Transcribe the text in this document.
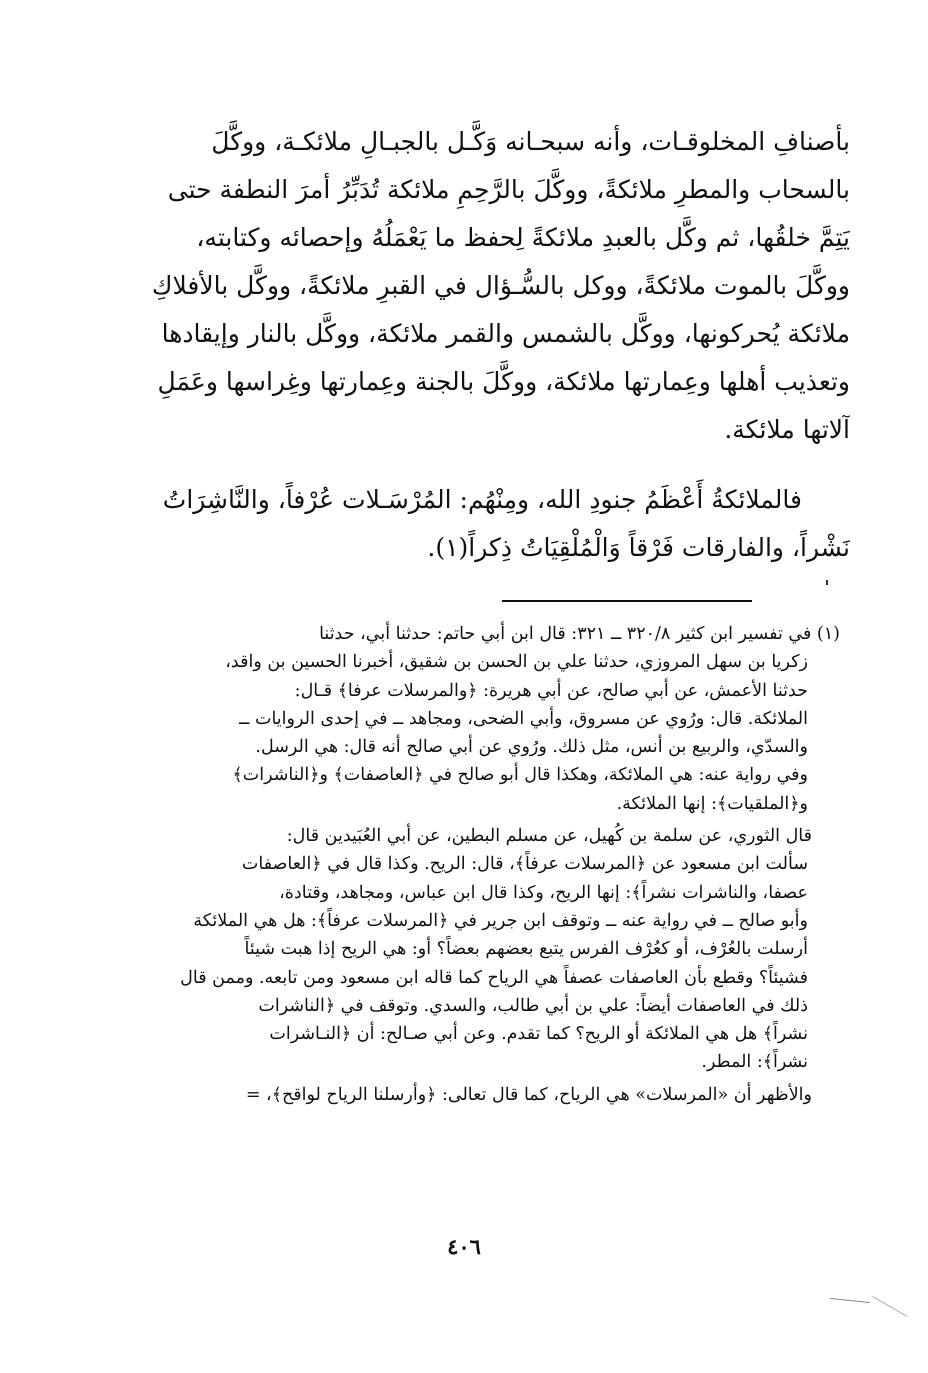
بأصنافِ المخلوقـات، وأنه سبحـانه وَكَّـل بالجبـالِ ملائكـة، ووكَّلَ
بالسحاب والمطرِ ملائكةً، ووكَّلَ بالرَّحِمِ ملائكة تُدَبِّرُ أمرَ النطفة حتى
يَتِمَّ خلقُها، ثم وكَّل بالعبدِ ملائكةً لِحفظ ما يَعْمَلُهُ وإحصائه وكتابته،
ووكَّلَ بالموت ملائكةً، ووكل بالسُّـؤال في القبرِ ملائكةً، ووكَّل بالأفلاكِ
ملائكة يُحركونها، ووكَّل بالشمس والقمر ملائكة، ووكَّل بالنار وإيقادها
وتعذيب أهلها وعِمارتها ملائكة، ووكَّلَ بالجنة وعِمارتها وغِراسها وعَمَلِ
آلاتها ملائكة.
فالملائكةُ أَعْظَمُ جنودِ الله، ومِنْهُم: المُرْسَـلات عُرْفاً، والنَّاشِرَاتُ
نَشْراً، والفارقات فَرْقاً وَالْمُلْقِيَاتُ ذِكراً(١).
(١) في تفسير ابن كثير ٣٢٠/٨ ــ ٣٢١: قال ابن أبي حاتم: حدثنا أبي، حدثنا
زكريا بن سهل المروزي، حدثنا علي بن الحسن بن شقيق، أخبرنا الحسين بن واقد،
حدثنا الأعمش، عن أبي صالح، عن أبي هريرة: ﴿والمرسلات عرفا﴾ قـال:
الملائكة. قال: ورُوي عن مسروق، وأبي الضحى، ومجاهد ــ في إحدى الروايات ــ
والسدّي، والربيع بن أنس، مثل ذلك. ورُوي عن أبي صالح أنه قال: هي الرسل.
وفي رواية عنه: هي الملائكة، وهكذا قال أبو صالح في ﴿العاصفات﴾ و﴿الناشرات﴾
و﴿الملقيات﴾: إنها الملائكة.
قال الثوري، عن سلمة بن كُهيل، عن مسلم البطين، عن أبي العُبَيدين قال:
سألت ابن مسعود عن ﴿المرسلات عرفاً﴾، قال: الريح. وكذا قال في ﴿العاصفات
عصفا، والناشرات نشراً﴾: إنها الريح، وكذا قال ابن عباس، ومجاهد، وقتادة،
وأبو صالح ــ في رواية عنه ــ وتوقف ابن جرير في ﴿المرسلات عرفاً﴾: هل هي الملائكة
أرسلت بالعُرْف، أو كعُرْف الفرس يتبع بعضهم بعضاً؟ أو: هي الريح إذا هبت شيئاً
فشيئاً؟ وقطع بأن العاصفات عصفاً هي الرياح كما قاله ابن مسعود ومن تابعه. وممن قال
ذلك في العاصفات أيضاً: علي بن أبي طالب، والسدي. وتوقف في ﴿الناشرات
نشراً﴾ هل هي الملائكة أو الريح؟ كما تقدم. وعن أبي صـالح: أن ﴿النـاشرات
نشراً﴾: المطر.
والأظهر أن «المرسلات» هي الرياح، كما قال تعالى: ﴿وأرسلنا الرياح لواقح﴾، =
٤٠٦
